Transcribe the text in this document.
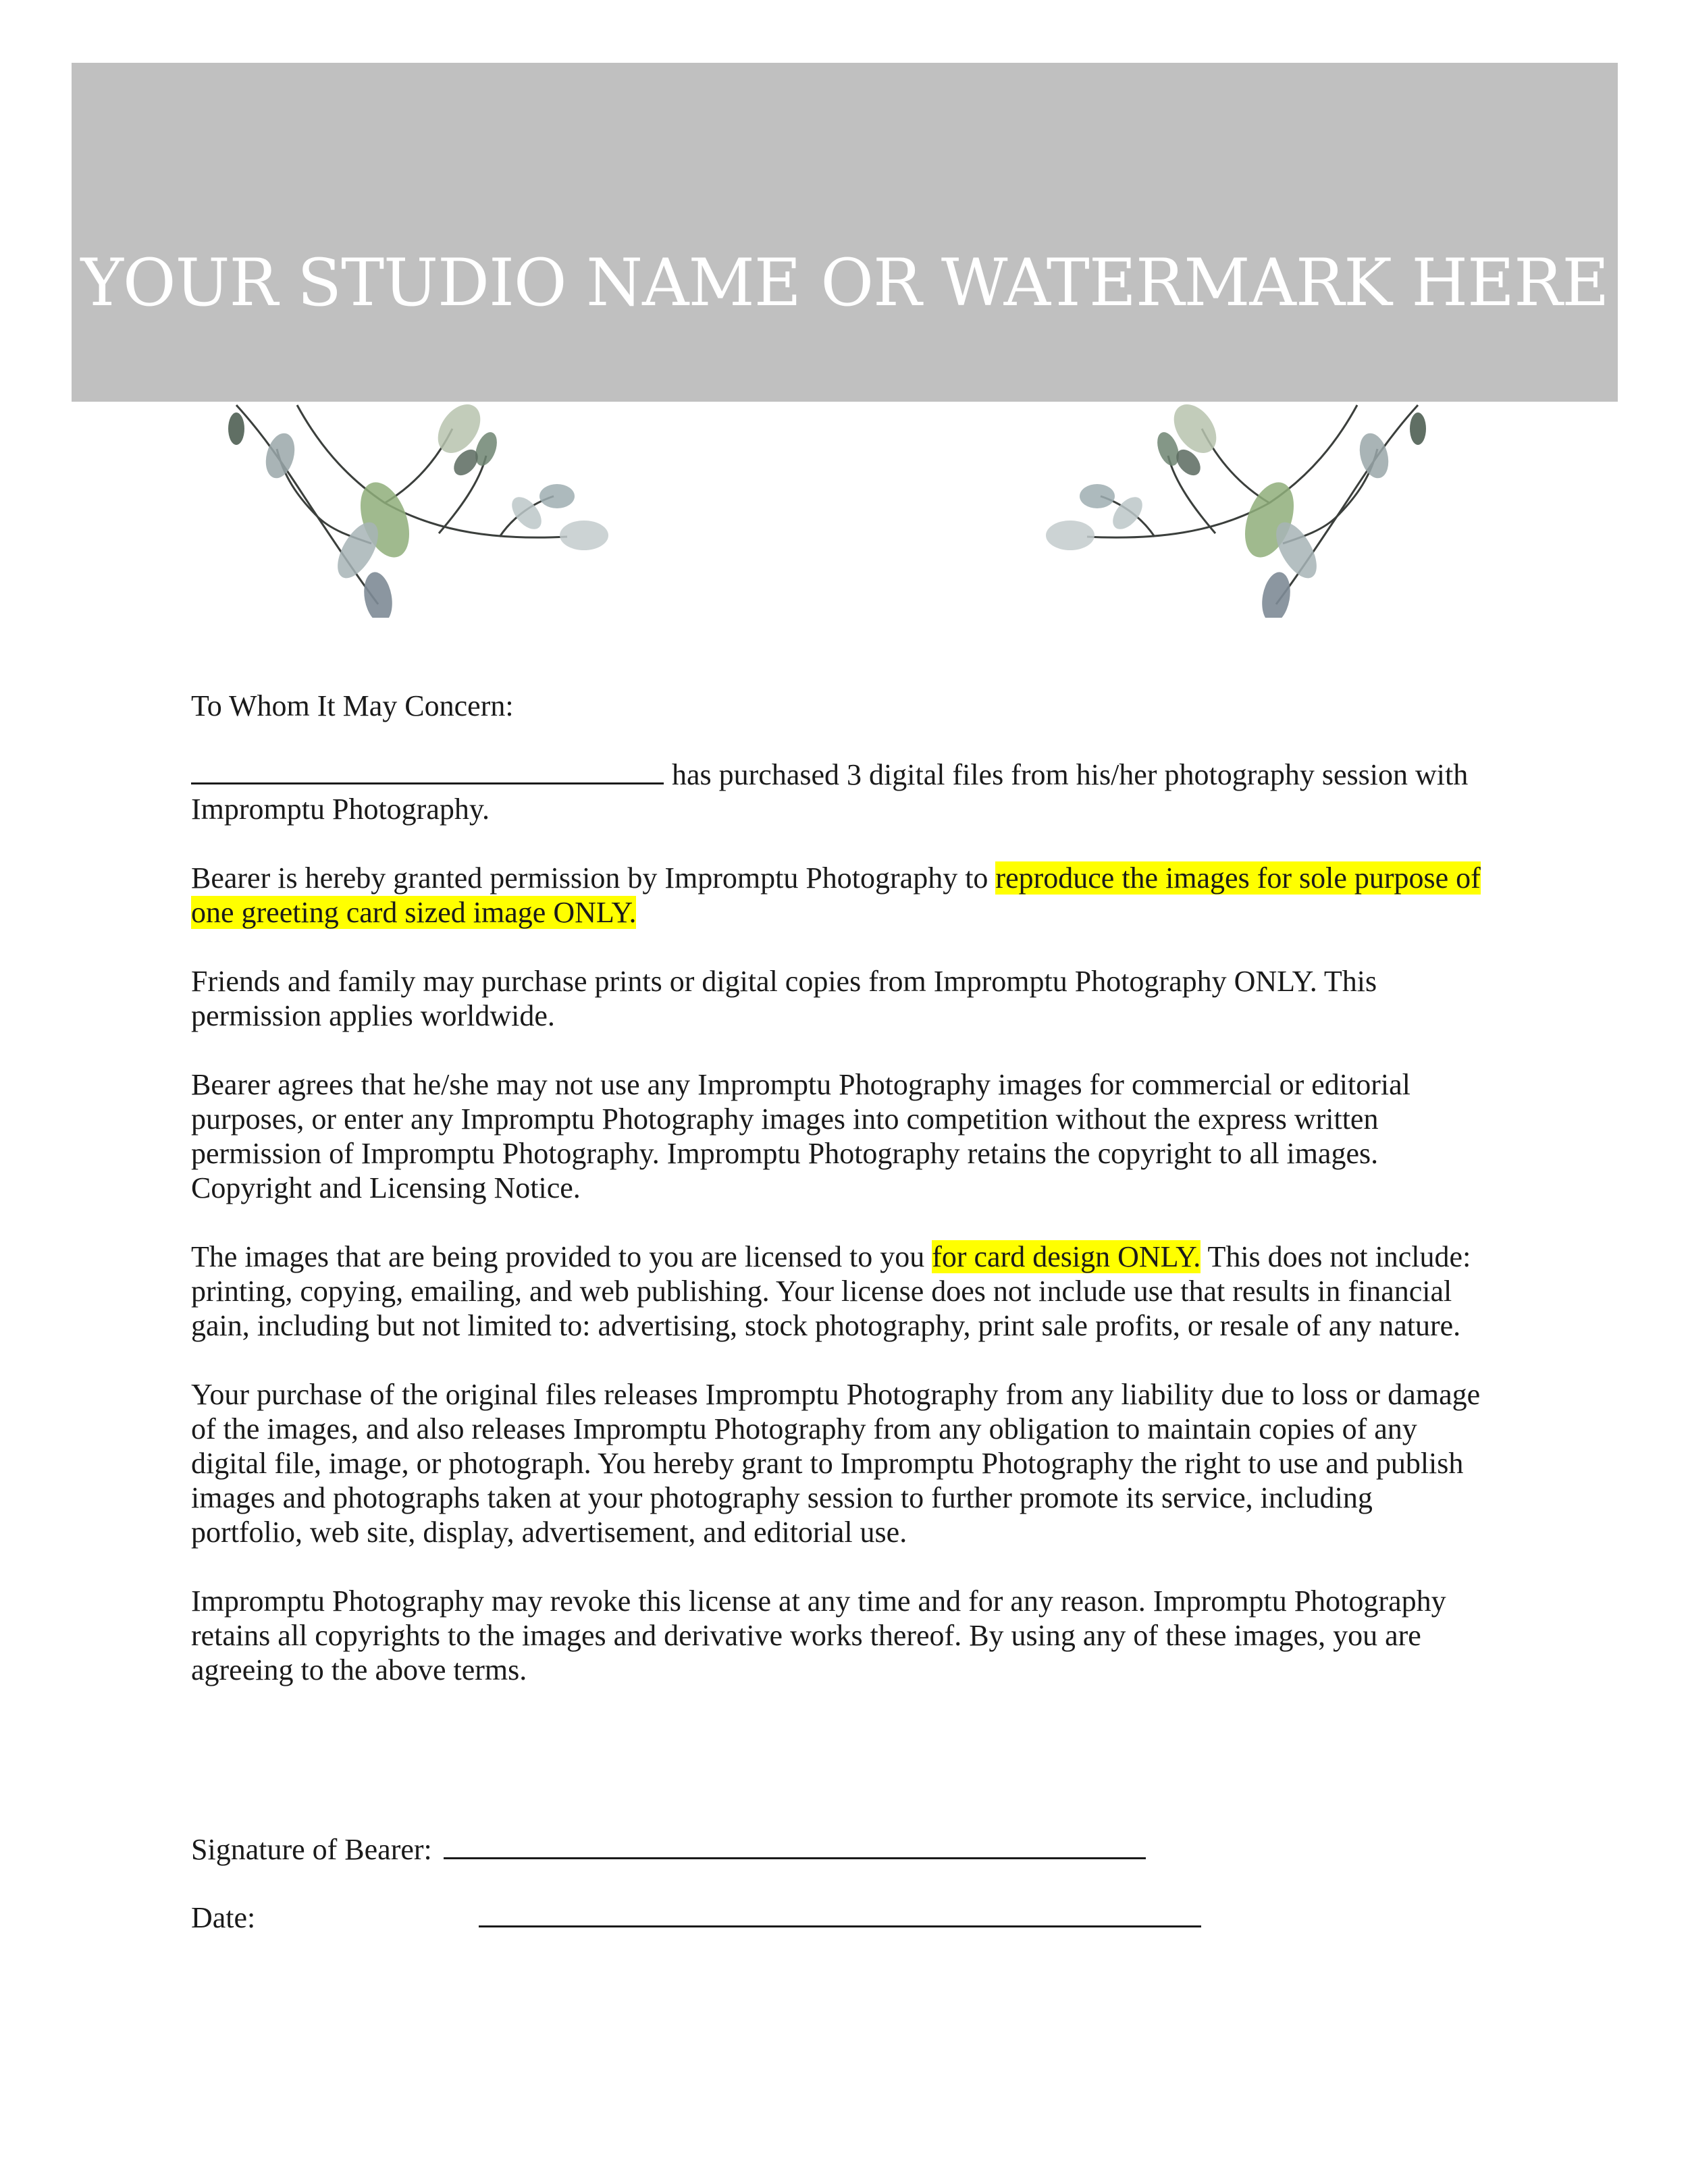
YOUR STUDIO NAME OR WATERMARK HERE

To Whom It May Concern:

has purchased 3 digital files from his/her photography session with Impromptu Photography.

Bearer is hereby granted permission by Impromptu Photography to reproduce the images for sole purpose of one greeting card sized image ONLY.

Friends and family may purchase prints or digital copies from Impromptu Photography ONLY. This permission applies worldwide.

Bearer agrees that he/she may not use any Impromptu Photography images for commercial or editorial purposes, or enter any Impromptu Photography images into competition without the express written permission of Impromptu Photography. Impromptu Photography retains the copyright to all images. Copyright and Licensing Notice.

The images that are being provided to you are licensed to you for card design ONLY. This does not include: printing, copying, emailing, and web publishing. Your license does not include use that results in financial gain, including but not limited to: advertising, stock photography, print sale profits, or resale of any nature.

Your purchase of the original files releases Impromptu Photography from any liability due to loss or damage of the images, and also releases Impromptu Photography from any obligation to maintain copies of any digital file, image, or photograph. You hereby grant to Impromptu Photography the right to use and publish images and photographs taken at your photography session to further promote its service, including portfolio, web site, display, advertisement, and editorial use.

Impromptu Photography may revoke this license at any time and for any reason. Impromptu Photography retains all copyrights to the images and derivative works thereof. By using any of these images, you are agreeing to the above terms.

Signature of Bearer:
Date:
